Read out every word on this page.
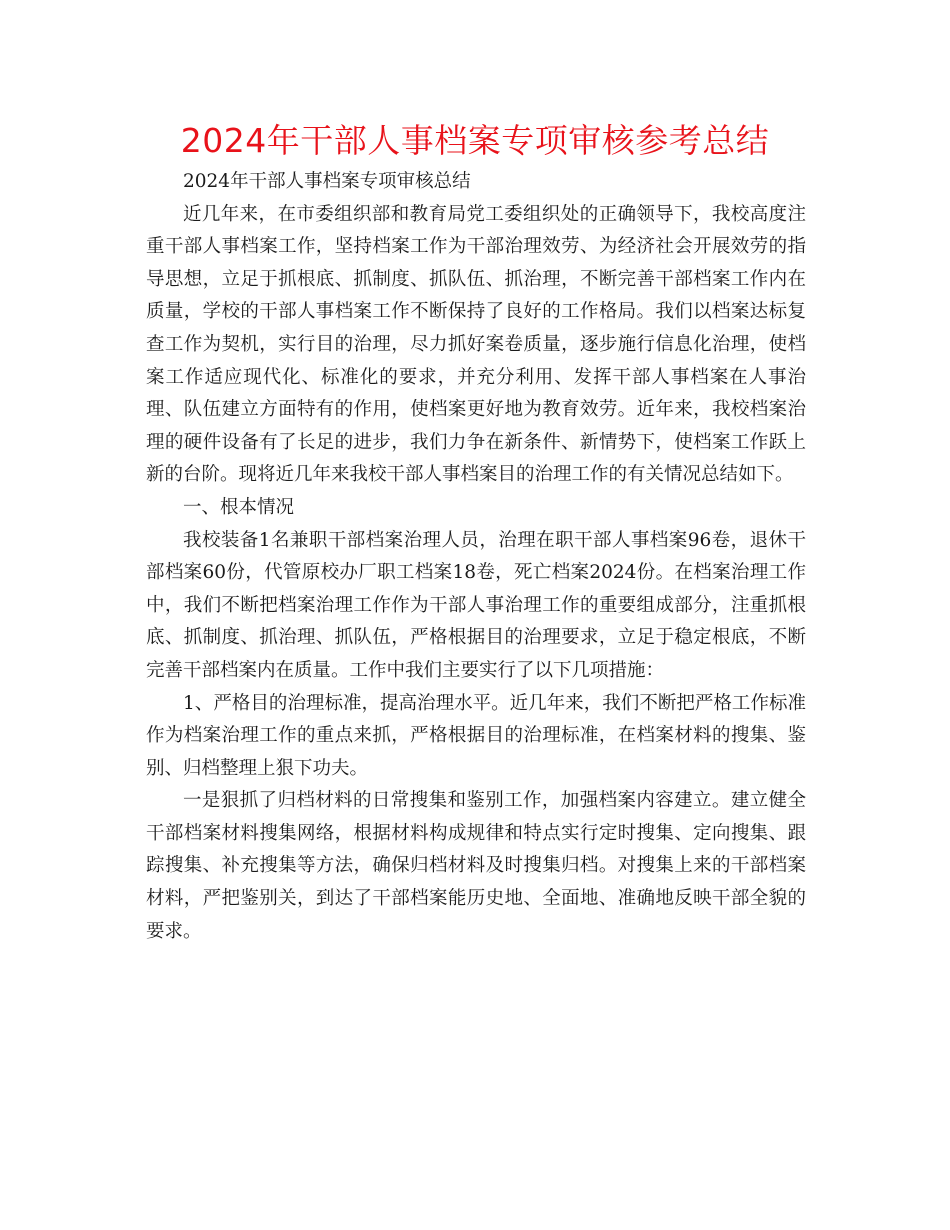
2024年干部人事档案专项审核参考总结

2024年干部人事档案专项审核总结

近几年来，在市委组织部和教育局党工委组织处的正确领导下，我校高度注重干部人事档案工作，坚持档案工作为干部治理效劳、为经济社会开展效劳的指导思想，立足于抓根底、抓制度、抓队伍、抓治理，不断完善干部档案工作内在质量，学校的干部人事档案工作不断保持了良好的工作格局。我们以档案达标复查工作为契机，实行目的治理，尽力抓好案卷质量，逐步施行信息化治理，使档案工作适应现代化、标准化的要求，并充分利用、发挥干部人事档案在人事治理、队伍建立方面特有的作用，使档案更好地为教育效劳。近年来，我校档案治理的硬件设备有了长足的进步，我们力争在新条件、新情势下，使档案工作跃上新的台阶。现将近几年来我校干部人事档案目的治理工作的有关情况总结如下。

一、根本情况

我校装备1名兼职干部档案治理人员，治理在职干部人事档案96卷，退休干部档案60份，代管原校办厂职工档案18卷，死亡档案2024份。在档案治理工作中，我们不断把档案治理工作作为干部人事治理工作的重要组成部分，注重抓根底、抓制度、抓治理、抓队伍，严格根据目的治理要求，立足于稳定根底，不断完善干部档案内在质量。工作中我们主要实行了以下几项措施：

1、严格目的治理标准，提高治理水平。近几年来，我们不断把严格工作标准作为档案治理工作的重点来抓，严格根据目的治理标准，在档案材料的搜集、鉴别、归档整理上狠下功夫。

一是狠抓了归档材料的日常搜集和鉴别工作，加强档案内容建立。建立健全干部档案材料搜集网络，根据材料构成规律和特点实行定时搜集、定向搜集、跟踪搜集、补充搜集等方法，确保归档材料及时搜集归档。对搜集上来的干部档案材料，严把鉴别关，到达了干部档案能历史地、全面地、准确地反映干部全貌的要求。
